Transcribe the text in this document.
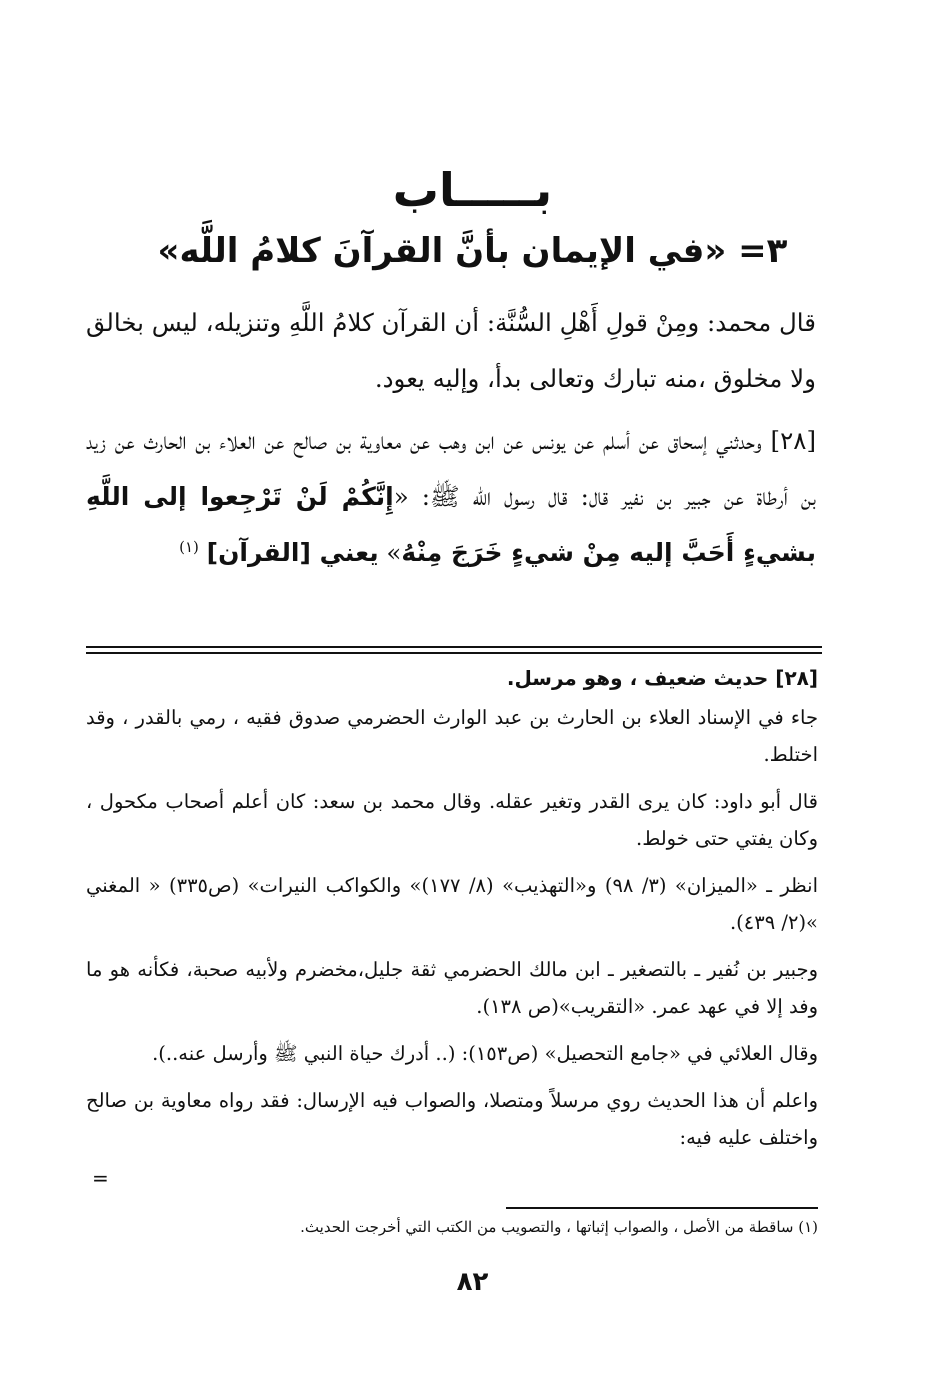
بـــــاب
٣= «في الإيمان بأنَّ القرآنَ كلامُ اللَّه»

قال محمد: ومِنْ قولِ أَهْلِ السُّنَّة: أن القرآن كلامُ اللَّهِ وتنزيله، ليس بخالق ولا مخلوق ،منه تبارك وتعالى بدأ، وإليه يعود.

[٢٨] وحدثني إسحاق عن أسلم عن يونس عن ابن وهب عن معاوية بن صالح عن العلاء بن الحارث عن زيد بن أرطاة عن جبير بن نفير قال: قال رسول الله ﷺ: «إِنَّكُمْ لَنْ تَرْجِعوا إلى اللَّهِ بشيءٍ أَحَبَّ إليه مِنْ شيءٍ خَرَجَ مِنْهُ» يعني [القرآن] $^{(١)}$

[٢٨] حديث ضعيف ، وهو مرسل.

جاء في الإسناد العلاء بن الحارث بن عبد الوارث الحضرمي صدوق فقيه ، رمي بالقدر ، وقد اختلط.

قال أبو داود: كان يرى القدر وتغير عقله. وقال محمد بن سعد: كان أعلم أصحاب مكحول ، وكان يفتي حتى خولط.

انظر ـ «الميزان» (٣/ ٩٨) و«التهذيب» (٨/ ١٧٧)» والكواكب النيرات» (ص٣٣٥) « المغني »(٢/ ٤٣٩).

وجبير بن نُفير ـ بالتصغير ـ ابن مالك الحضرمي ثقة جليل،مخضرم ولأبيه صحبة، فكأنه هو ما وفد إلا في عهد عمر. «التقريب»(ص ١٣٨).

وقال العلائي في «جامع التحصيل» (ص١٥٣): (.. أدرك حياة النبي ﷺ وأرسل عنه..).

واعلم أن هذا الحديث روي مرسلاً ومتصلا، والصواب فيه الإرسال: فقد رواه معاوية بن صالح واختلف عليه فيه:

=
(١) ساقطة من الأصل ، والصواب إثباتها ، والتصويب من الكتب التي أخرجت الحديث.
٨٢
